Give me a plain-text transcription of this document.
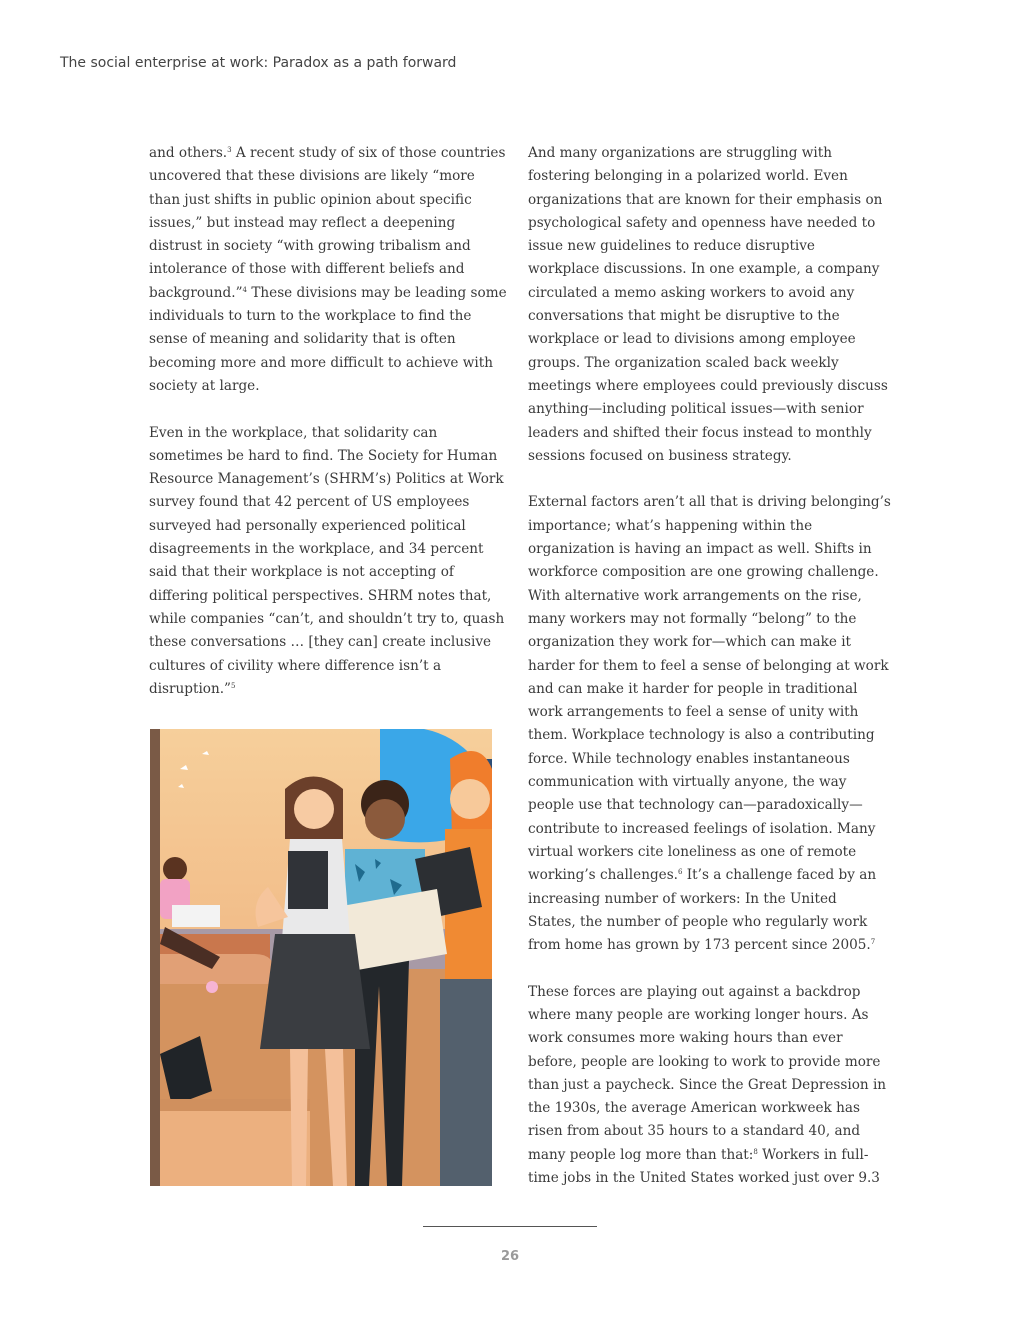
The social enterprise at work: Paradox as a path forward

and others.$^3$ A recent study of six of those countries
uncovered that these divisions are likely “more
than just shifts in public opinion about specific
issues,” but instead may reflect a deepening
distrust in society “with growing tribalism and
intolerance of those with different beliefs and
background.”$^4$ These divisions may be leading some
individuals to turn to the workplace to find the
sense of meaning and solidarity that is often
becoming more and more difficult to achieve with
society at large.

Even in the workplace, that solidarity can
sometimes be hard to find. The Society for Human
Resource Management’s (SHRM’s) Politics at Work
survey found that 42 percent of US employees
surveyed had personally experienced political
disagreements in the workplace, and 34 percent
said that their workplace is not accepting of
differing political perspectives. SHRM notes that,
while companies “can’t, and shouldn’t try to, quash
these conversations … [they can] create inclusive
cultures of civility where difference isn’t a
disruption.”$^5$

And many organizations are struggling with
fostering belonging in a polarized world. Even
organizations that are known for their emphasis on
psychological safety and openness have needed to
issue new guidelines to reduce disruptive
workplace discussions. In one example, a company
circulated a memo asking workers to avoid any
conversations that might be disruptive to the
workplace or lead to divisions among employee
groups. The organization scaled back weekly
meetings where employees could previously discuss
anything—including political issues—with senior
leaders and shifted their focus instead to monthly
sessions focused on business strategy.

External factors aren’t all that is driving belonging’s
importance; what’s happening within the
organization is having an impact as well. Shifts in
workforce composition are one growing challenge.
With alternative work arrangements on the rise,
many workers may not formally “belong” to the
organization they work for—which can make it
harder for them to feel a sense of belonging at work
and can make it harder for people in traditional
work arrangements to feel a sense of unity with
them. Workplace technology is also a contributing
force. While technology enables instantaneous
communication with virtually anyone, the way
people use that technology can—paradoxically—
contribute to increased feelings of isolation. Many
virtual workers cite loneliness as one of remote
working’s challenges.$^6$ It’s a challenge faced by an
increasing number of workers: In the United
States, the number of people who regularly work
from home has grown by 173 percent since 2005.$^7$

These forces are playing out against a backdrop
where many people are working longer hours. As
work consumes more waking hours than ever
before, people are looking to work to provide more
than just a paycheck. Since the Great Depression in
the 1930s, the average American workweek has
risen from about 35 hours to a standard 40, and
many people log more than that:$^8$ Workers in full-
time jobs in the United States worked just over 9.3

26
